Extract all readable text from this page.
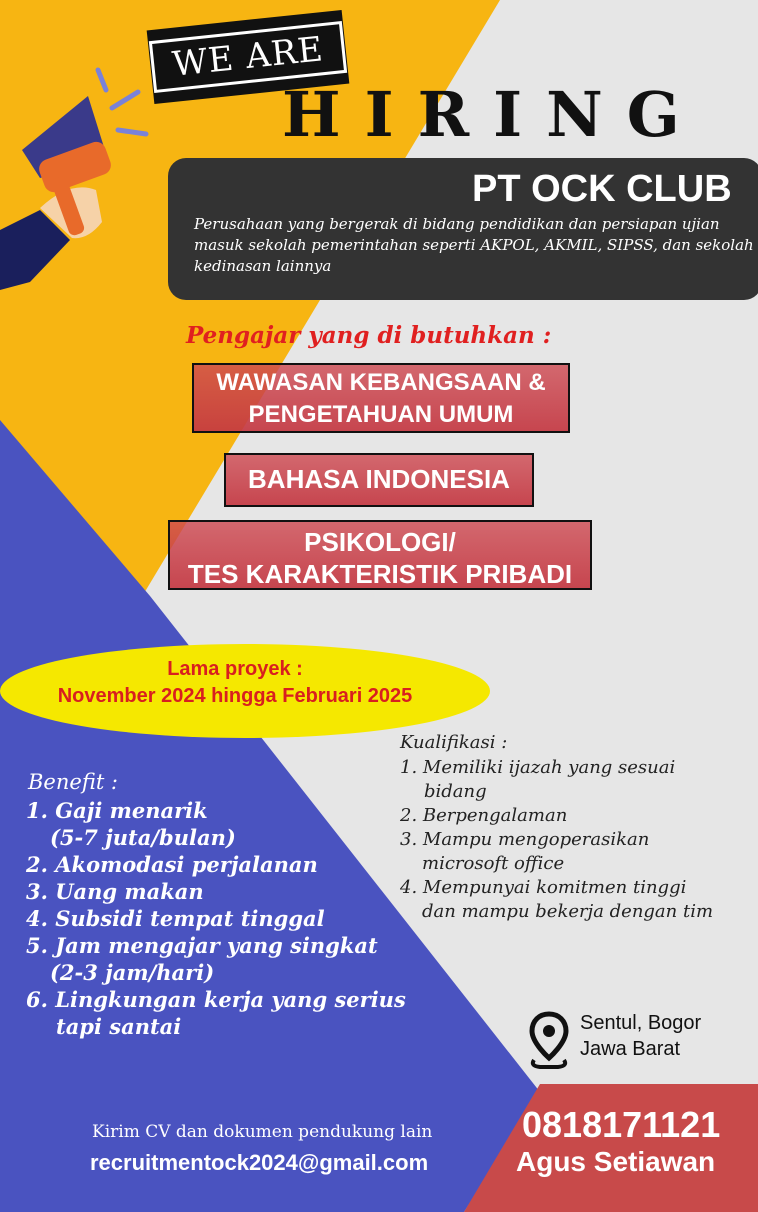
WE ARE
HIRING
PT OCK CLUB
Perusahaan yang bergerak di bidang pendidikan dan persiapan ujian masuk sekolah pemerintahan seperti AKPOL, AKMIL, SIPSS, dan sekolah kedinasan lainnya
Pengajar yang di butuhkan :
WAWASAN KEBANGSAAN &
PENGETAHUAN UMUM
BAHASA INDONESIA
PSIKOLOGI/
TES KARAKTERISTIK PRIBADI
Lama proyek :
November 2024 hingga Februari 2025
Kualifikasi :
1. Memiliki ijazah yang sesuai
bidang
2. Berpengalaman
3. Mampu mengoperasikan
microsoft office
4. Mempunyai komitmen tinggi
dan mampu bekerja dengan tim
Benefit :
1. Gaji menarik
(5-7 juta/bulan)
2. Akomodasi perjalanan
3. Uang makan
4. Subsidi tempat tinggal
5. Jam mengajar yang singkat
(2-3 jam/hari)
6. Lingkungan kerja yang serius
tapi santai	Sentul, Bogor
Jawa Barat
0818171121
Agus Setiawan
Kirim CV dan dokumen pendukung lain
recruitmentock2024@gmail.com
